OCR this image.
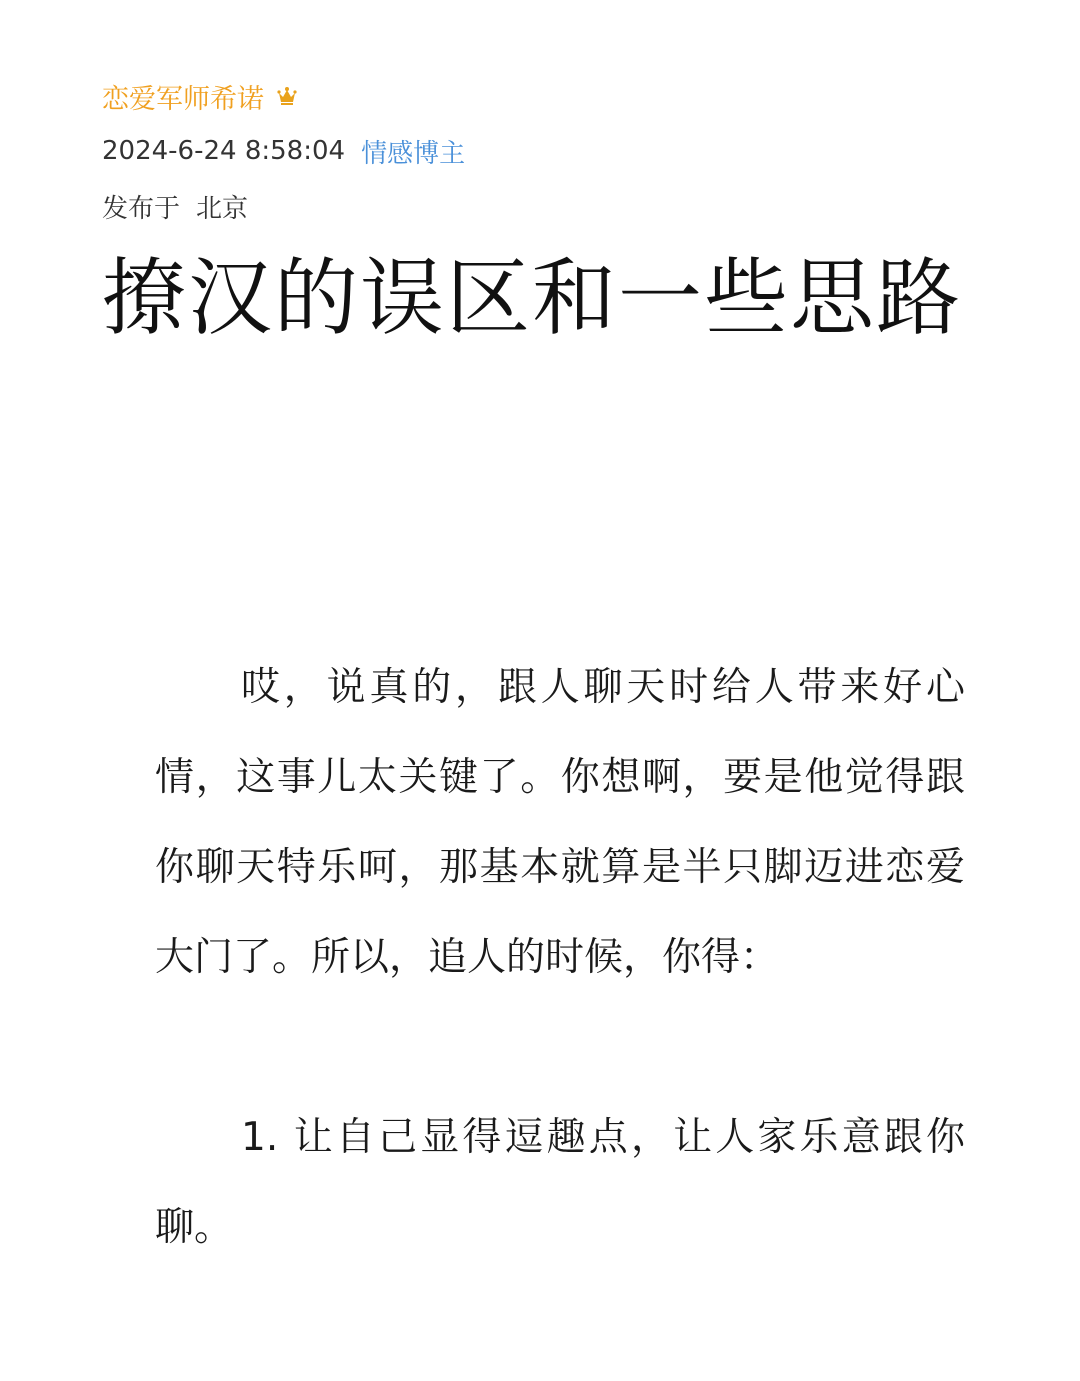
恋爱军师希诺
2024-6-24 8:58:04 情感博主
发布于 北京
撩汉的误区和一些思路

哎，说真的，跟人聊天时给人带来好心情，这事儿太关键了。你想啊，要是他觉得跟你聊天特乐呵，那基本就算是半只脚迈进恋爱大门了。所以，追人的时候，你得：

1. 让自己显得逗趣点，让人家乐意跟你聊。
